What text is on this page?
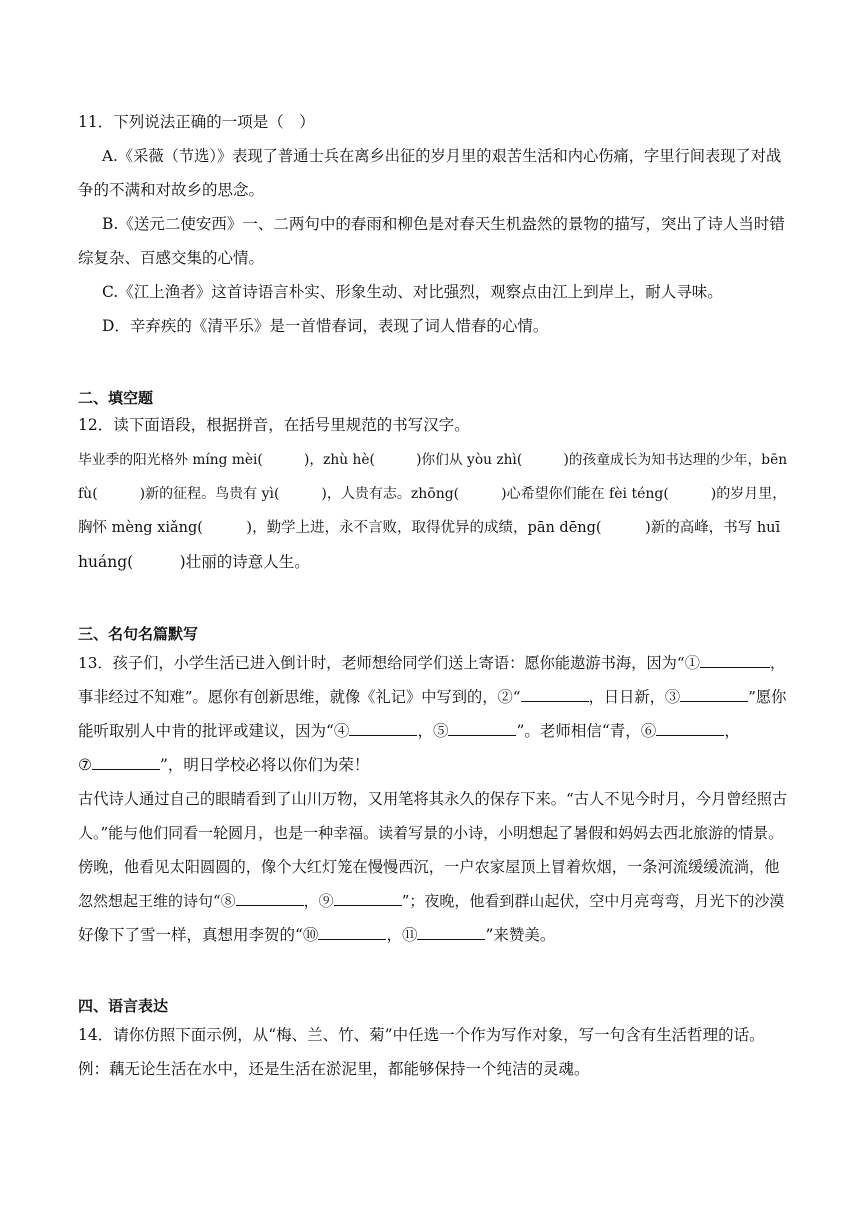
11．下列说法正确的一项是（　）
A.《采薇（节选）》表现了普通士兵在离乡出征的岁月里的艰苦生活和内心伤痛，字里行间表现了对战
争的不满和对故乡的思念。
B.《送元二使安西》一、二两句中的春雨和柳色是对春天生机盎然的景物的描写，突出了诗人当时错
综复杂、百感交集的心情。
C.《江上渔者》这首诗语言朴实、形象生动、对比强烈，观察点由江上到岸上，耐人寻味。
D．辛弃疾的《清平乐》是一首惜春词，表现了词人惜春的心情。
二、填空题
12．读下面语段，根据拼音，在括号里规范的书写汉字。
毕业季的阳光格外 míng mèi(　　　)，zhù hè(　　　)你们从 yòu zhì(　　　)的孩童成长为知书达理的少年，bēn
fù(　　　)新的征程。鸟贵有 yì(　　　)，人贵有志。zhōng(　　　)心希望你们能在 fèi téng(　　　)的岁月里，
胸怀 mèng xiǎng(　　　)，勤学上进，永不言败，取得优异的成绩，pān dēng(　　　)新的高峰，书写 huī
huáng(　　　)壮丽的诗意人生。
三、名句名篇默写
13．孩子们，小学生活已进入倒计时，老师想给同学们送上寄语：愿你能遨游书海，因为“①	，
事非经过不知难”。愿你有创新思维，就像《礼记》中写到的，②“	，日日新，③	”愿你
能听取别人中肯的批评或建议，因为“④	，⑤	”。老师相信“青，⑥	，
⑦	”，明日学校必将以你们为荣！
古代诗人通过自己的眼睛看到了山川万物，又用笔将其永久的保存下来。“古人不见今时月，今月曾经照古
人。”能与他们同看一轮圆月，也是一种幸福。读着写景的小诗，小明想起了暑假和妈妈去西北旅游的情景。
傍晚，他看见太阳圆圆的，像个大红灯笼在慢慢西沉，一户农家屋顶上冒着炊烟，一条河流缓缓流淌，他
忽然想起王维的诗句“⑧	，⑨	”；夜晚，他看到群山起伏，空中月亮弯弯，月光下的沙漠
好像下了雪一样，真想用李贺的“⑩	，⑪	”来赞美。
四、语言表达
14．请你仿照下面示例，从“梅、兰、竹、菊”中任选一个作为写作对象，写一句含有生活哲理的话。
例：藕无论生活在水中，还是生活在淤泥里，都能够保持一个纯洁的灵魂。
